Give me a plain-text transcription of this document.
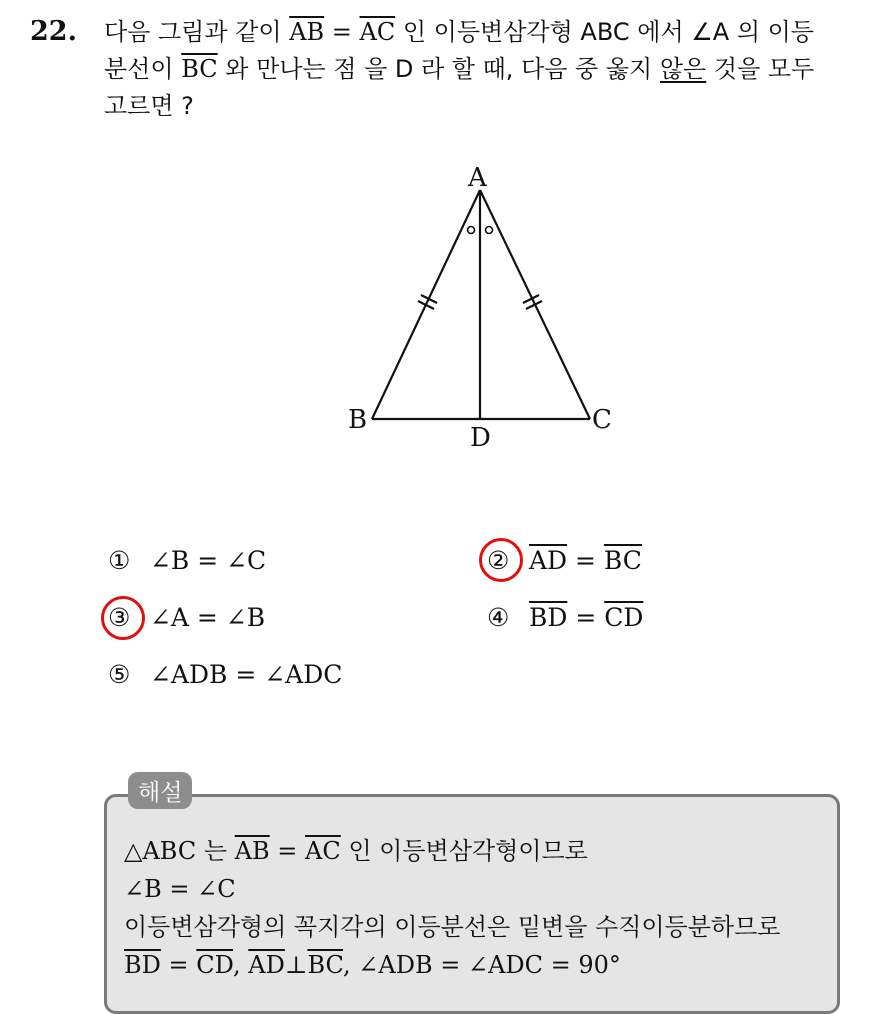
22. 다음 그림과 같이 $\overline{AB} = \overline{AC}$ 인 이등변삼각형 ABC 에서 ∠A 의 이등
분선이 $\overline{BC}$ 와 만나는 점 을 D 라 할 때, 다음 중 옳지 않은 것을 모두
고르면 ?
A
B	C
D
① ∠B = ∠C	② $\overline{AD} = \overline{BC}$
③ ∠A = ∠B	④ $\overline{BD} = \overline{CD}$
⑤ ∠ADB = ∠ADC
해설
△ABC 는 $\overline{AB} = \overline{AC}$ 인 이등변삼각형이므로
∠B = ∠C
이등변삼각형의 꼭지각의 이등분선은 밑변을 수직이등분하므로
$\overline{BD} = \overline{CD}$, $\overline{AD}\perp\overline{BC}$, ∠ADB = ∠ADC = 90°
